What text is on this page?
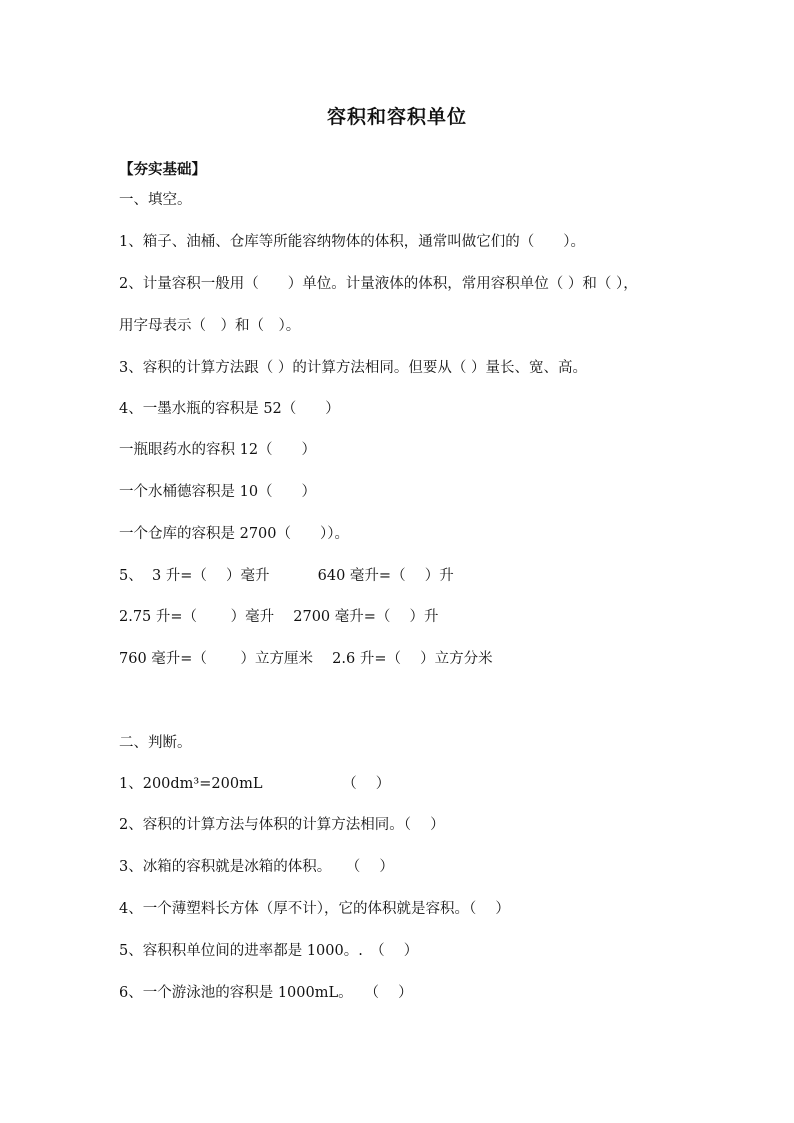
容积和容积单位
【夯实基础】
一、填空。
1、箱子、油桶、仓库等所能容纳物体的体积，通常叫做它们的（　　）。
2、计量容积一般用（　　）单位。计量液体的体积，常用容积单位（ ）和（ ），
用字母表示（　）和（　）。
3、容积的计算方法跟（ ）的计算方法相同。但要从（ ）量长、宽、高。
4、一墨水瓶的容积是 52（　　）
一瓶眼药水的容积 12（　　）
一个水桶德容积是 10（　　）
一个仓库的容积是 2700（　　））。
5、  3 升=（　 ）毫升　　　 640 毫升=（　 ）升
2.75 升=（　　 ）毫升　 2700 毫升=（　 ）升
760 毫升=（　　 ）立方厘米　 2.6 升=（　 ）立方分米
二、判断。
1、200dm³=200mL　　　　　　（　 ）
2、容积的计算方法与体积的计算方法相同。（　 ）
3、冰箱的容积就是冰箱的体积。　　（　 ）
4、一个薄塑料长方体（厚不计），它的体积就是容积。（　 ）
5、容积积单位间的进率都是 1000。.　（　 ）
6、一个游泳池的容积是 1000mL。　 （　 ）
